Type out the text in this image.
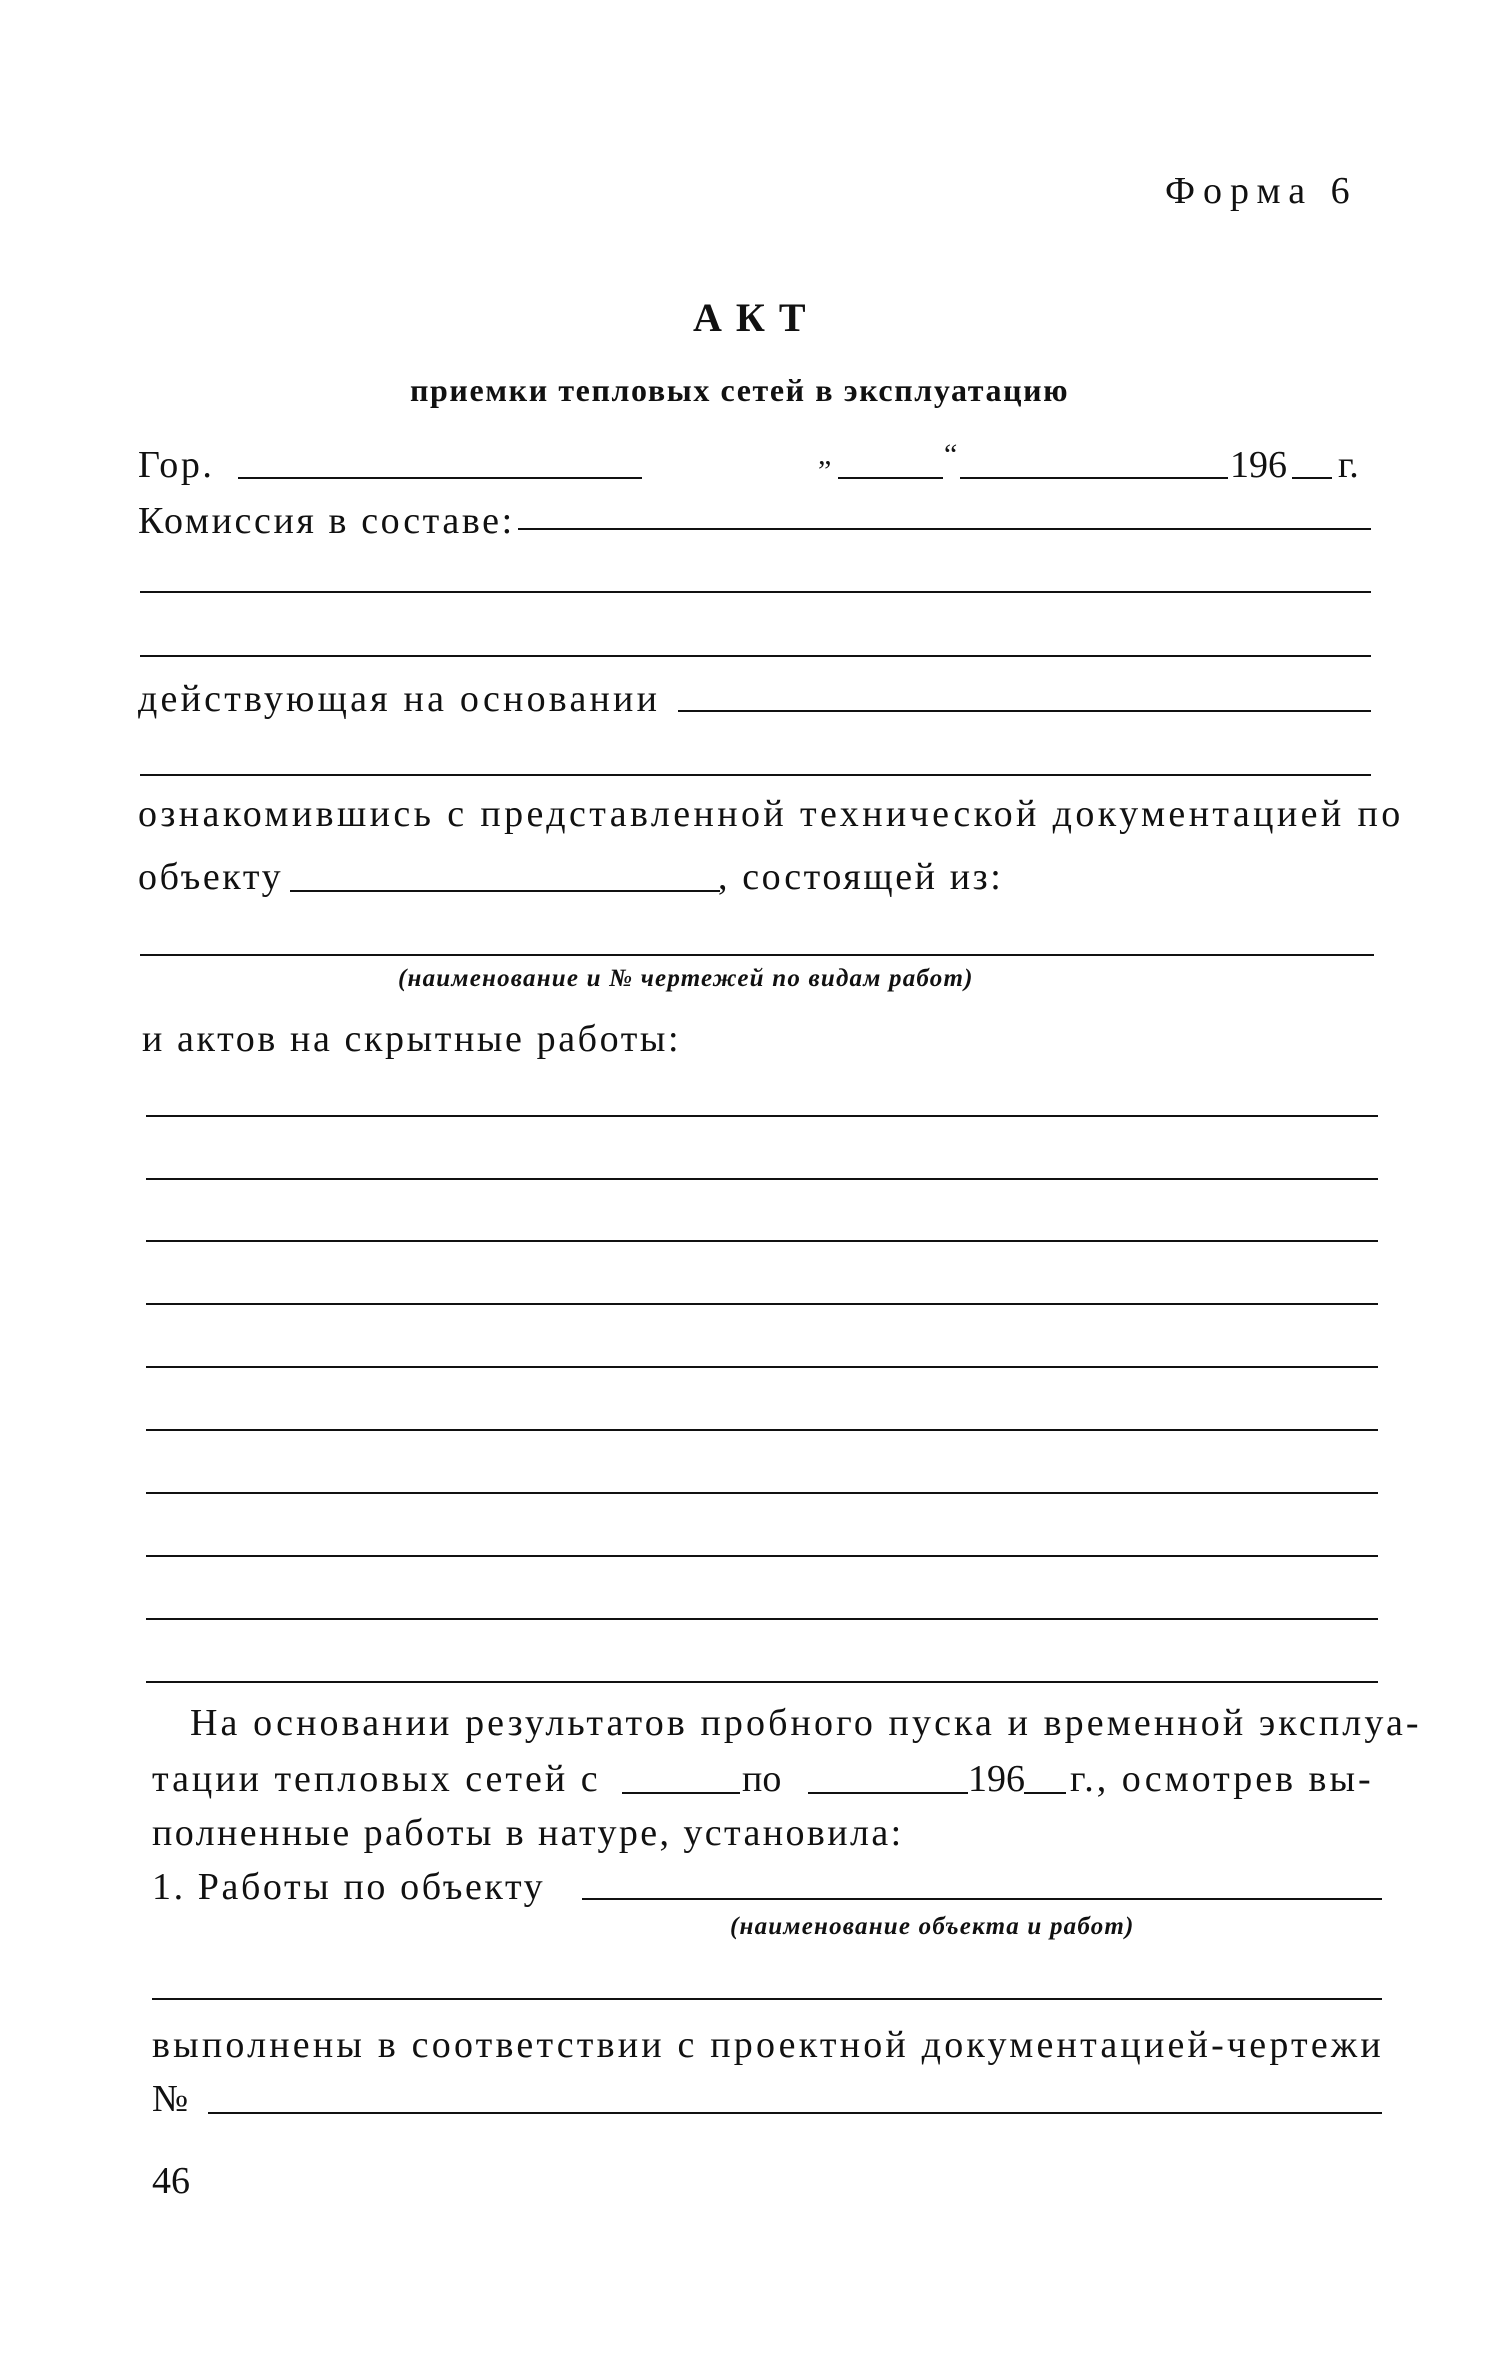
Форма 6
АКТ
приемки тепловых сетей в эксплуатацию
Гор.	„	“	196 г.
Комиссия в составе:
действующая на основании
ознакомившись с представленной технической документацией по
объекту	, состоящей из:
(наименование и № чертежей по видам работ)
и актов на скрытные работы:
На основании результатов пробного пуска и временной эксплуа-
тации тепловых сетей с	по	196 г., осмотрев вы-
полненные работы в натуре, установила:
1. Работы по объекту
(наименование объекта и работ)
выполнены в соответствии с проектной документацией-чертежи
№
46
